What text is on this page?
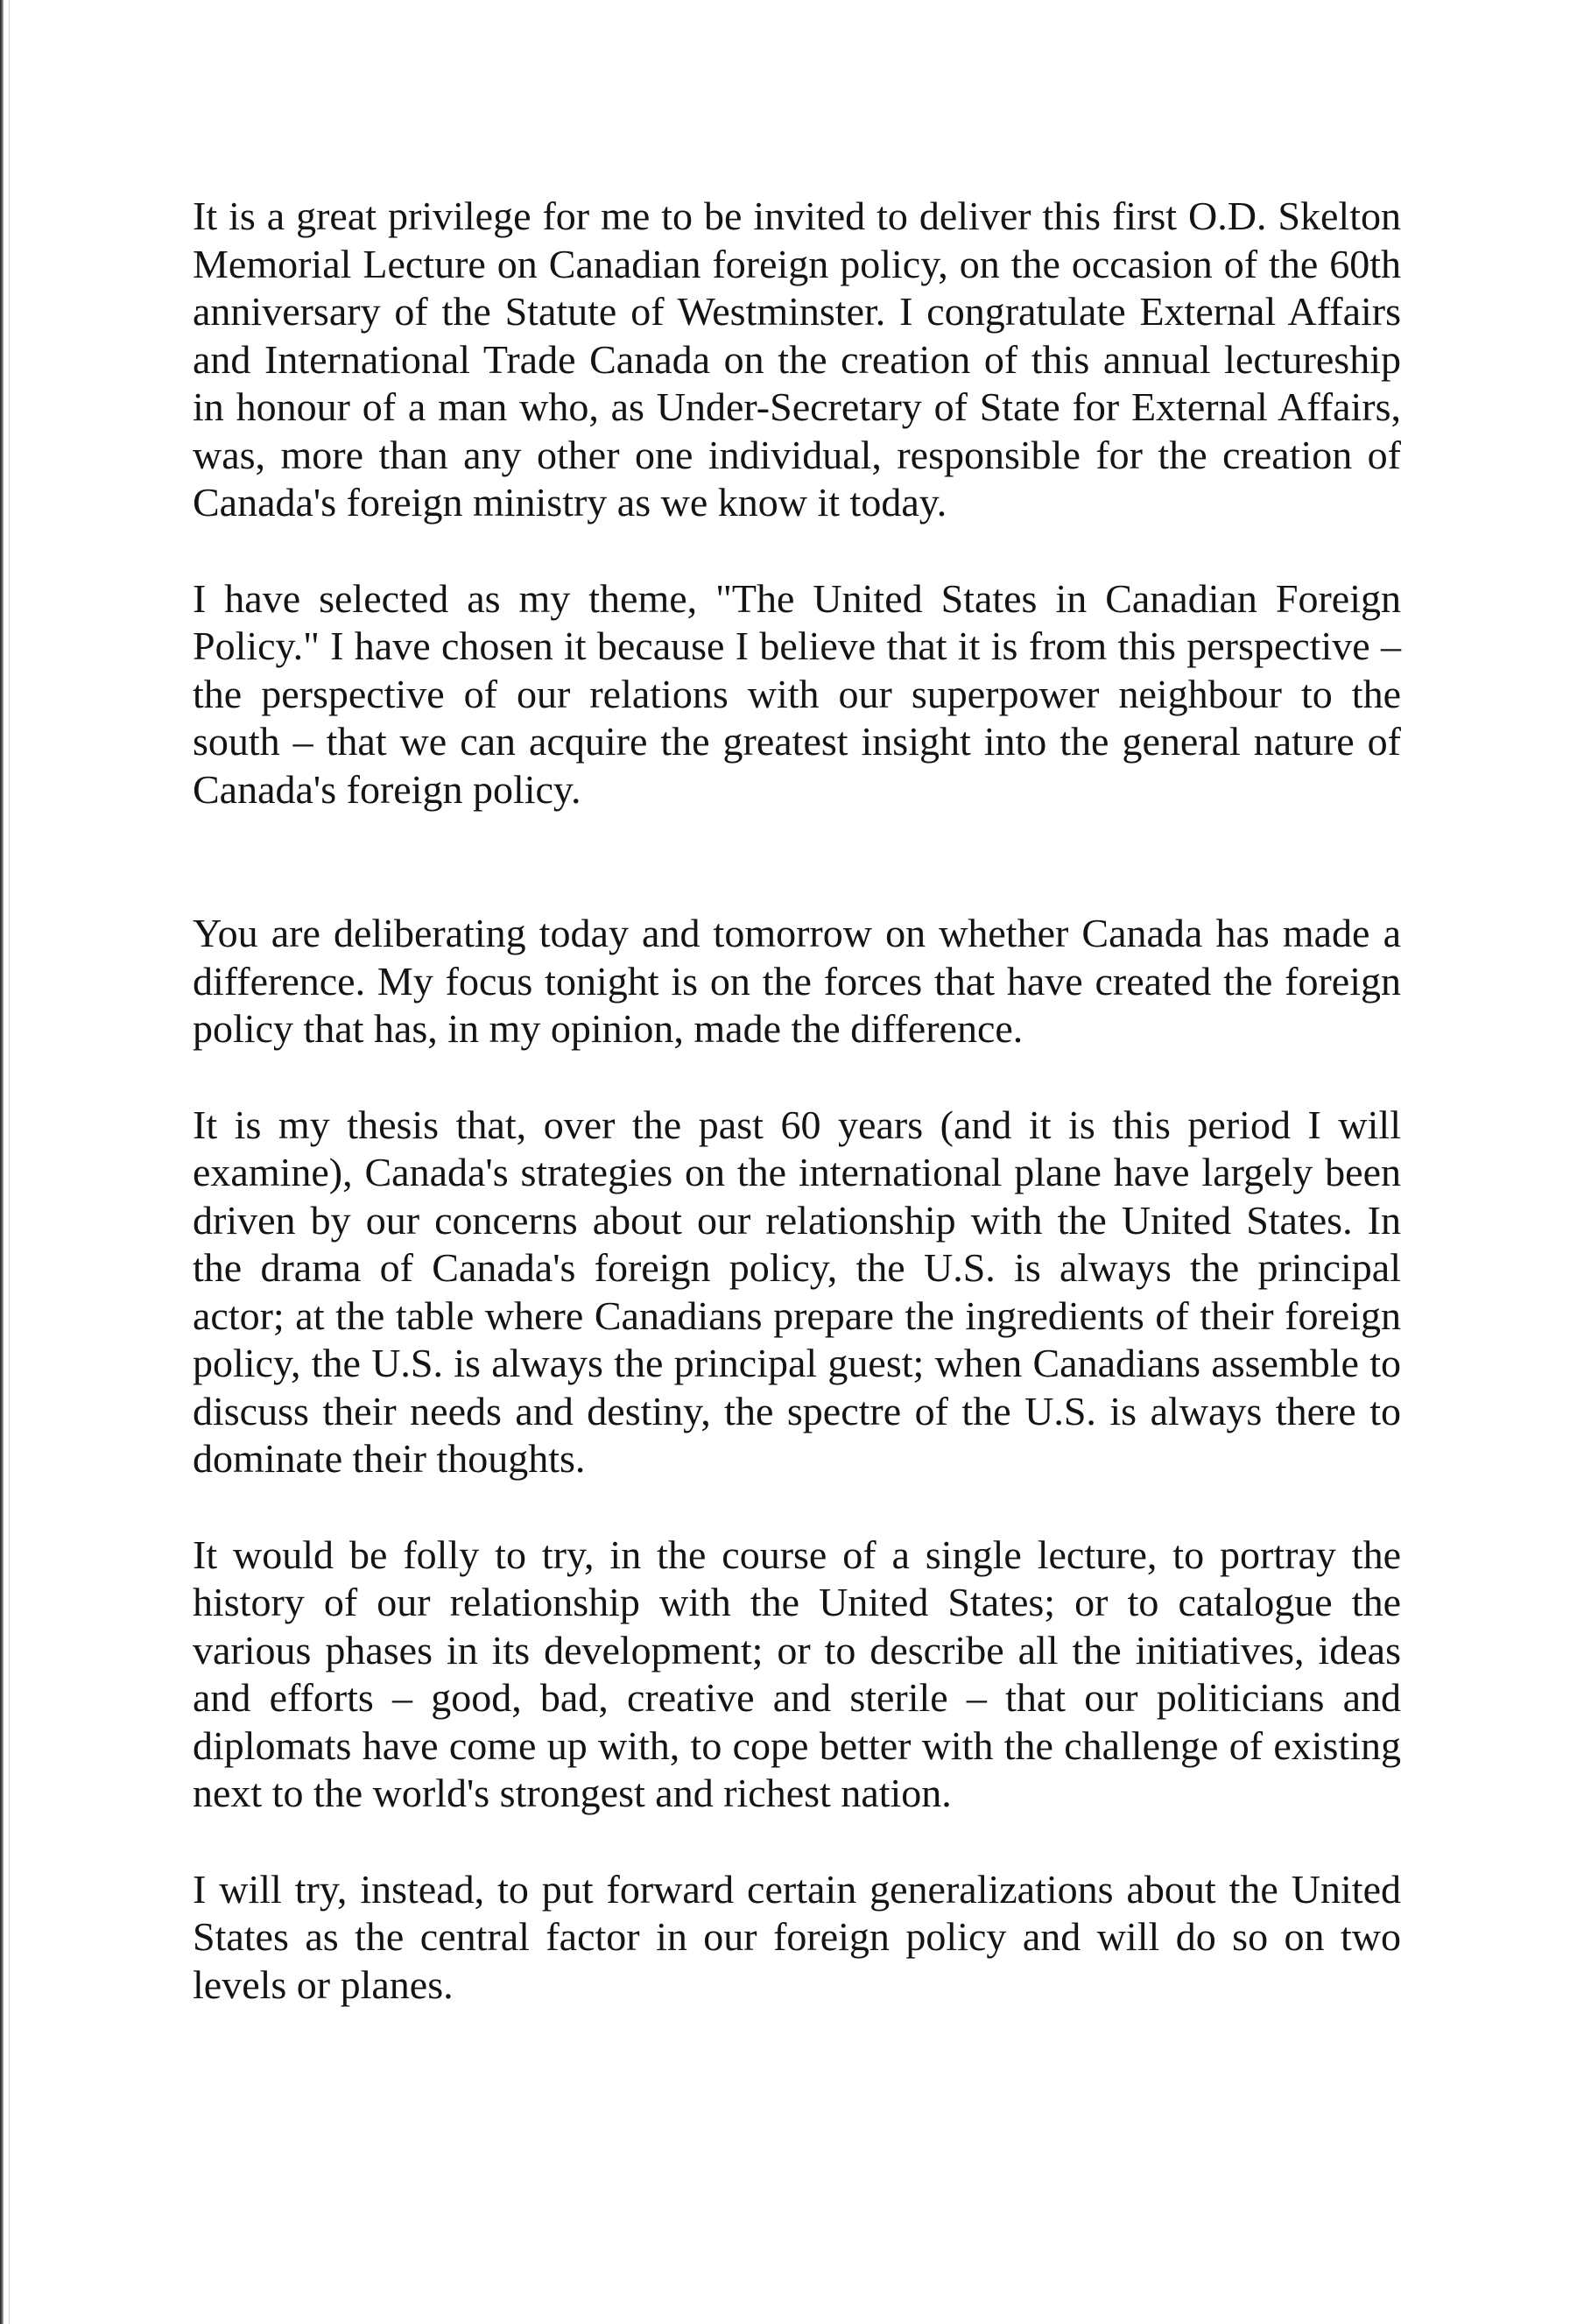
It is a great privilege for me to be invited to deliver this first O.D. Skelton Memorial Lecture on Canadian foreign policy, on the occasion of the 60th anniversary of the Statute of Westminster. I congratulate External Affairs and International Trade Canada on the creation of this annual lectureship in honour of a man who, as Under-Secretary of State for External Affairs, was, more than any other one individual, responsible for the creation of Canada's foreign ministry as we know it today.

I have selected as my theme, "The United States in Canadian Foreign Policy." I have chosen it because I believe that it is from this perspective – the perspective of our relations with our superpower neighbour to the south – that we can acquire the greatest insight into the general nature of Canada's foreign policy.

You are deliberating today and tomorrow on whether Canada has made a difference. My focus tonight is on the forces that have created the foreign policy that has, in my opinion, made the difference.

It is my thesis that, over the past 60 years (and it is this period I will examine), Canada's strategies on the international plane have largely been driven by our concerns about our relationship with the United States. In the drama of Canada's foreign policy, the U.S. is always the principal actor; at the table where Canadians prepare the ingredients of their foreign policy, the U.S. is always the principal guest; when Canadians assemble to discuss their needs and destiny, the spectre of the U.S. is always there to dominate their thoughts.

It would be folly to try, in the course of a single lecture, to portray the history of our relationship with the United States; or to catalogue the various phases in its development; or to describe all the initiatives, ideas and efforts – good, bad, creative and sterile – that our politicians and diplomats have come up with, to cope better with the challenge of existing next to the world's strongest and richest nation.

I will try, instead, to put forward certain generalizations about the United States as the central factor in our foreign policy and will do so on two levels or planes.
